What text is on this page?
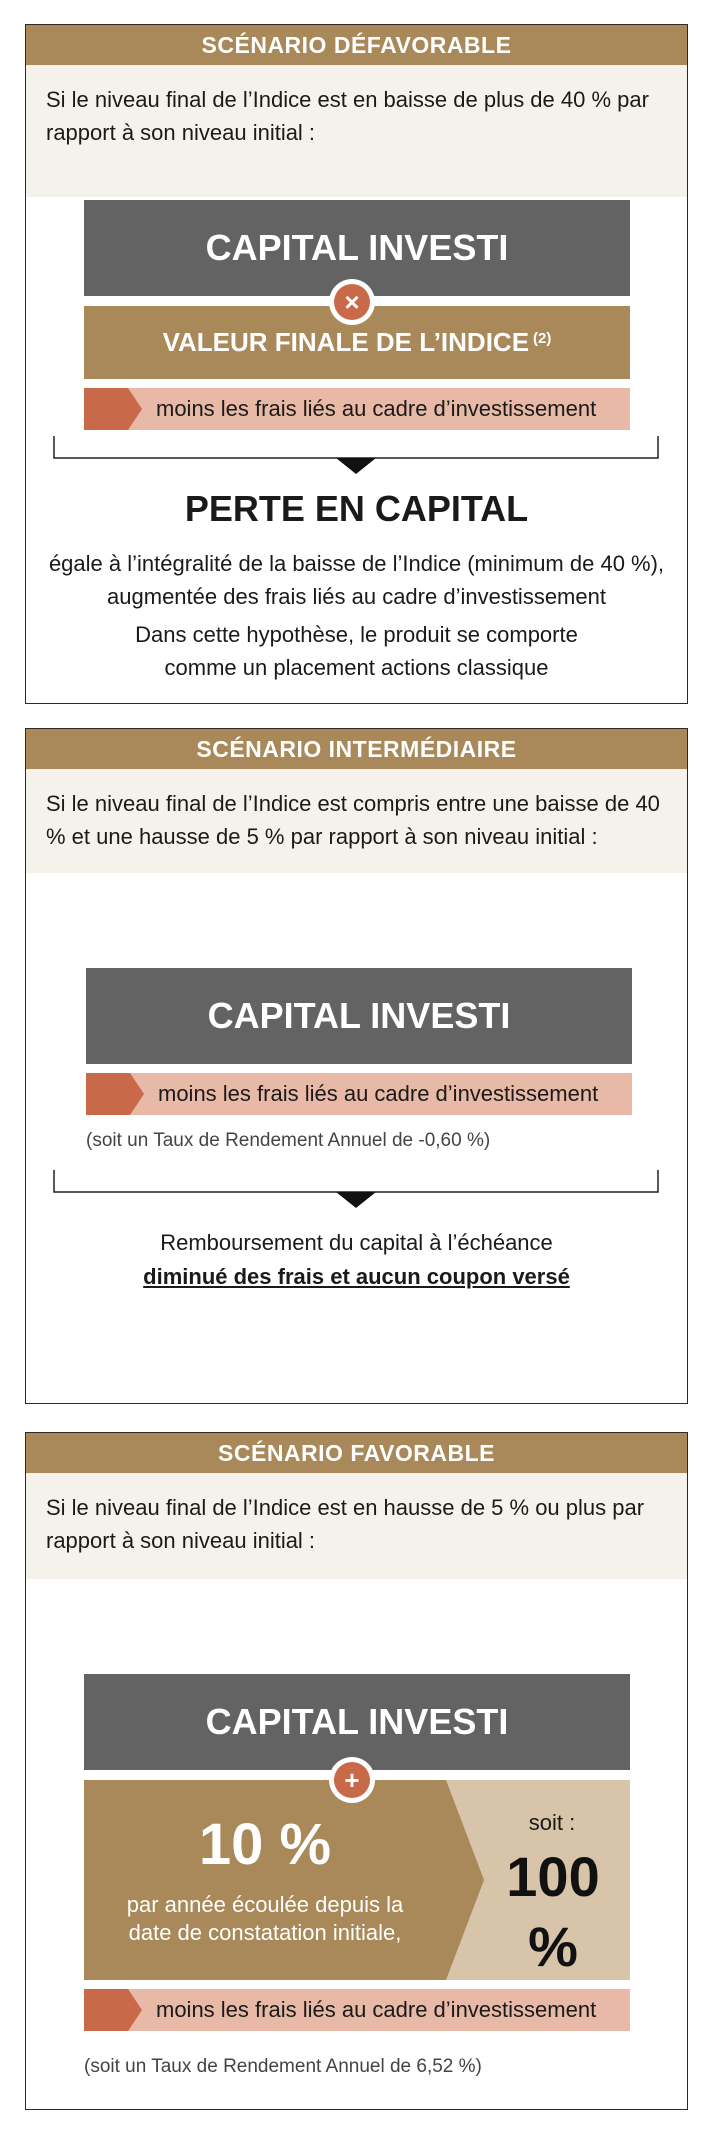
SCÉNARIO DÉFAVORABLE
Si le niveau final de l’Indice est en baisse de plus de 40 % par rapport à son niveau initial :
CAPITAL INVESTI
VALEUR FINALE DE L’INDICE $^{(2)}$
moins les frais liés au cadre d’investissement
×
PERTE EN CAPITAL
égale à l’intégralité de la baisse de l’Indice (minimum de 40 %),
augmentée des frais liés au cadre d’investissement
Dans cette hypothèse, le produit se comporte
comme un placement actions classique
SCÉNARIO INTERMÉDIAIRE
Si le niveau final de l’Indice est compris entre une baisse de 40 % et une hausse de 5 % par rapport à son niveau initial :
CAPITAL INVESTI
moins les frais liés au cadre d’investissement
(soit un Taux de Rendement Annuel de -0,60 %)
Remboursement du capital à l’échéance
diminué des frais et aucun coupon versé
SCÉNARIO FAVORABLE
Si le niveau final de l’Indice est en hausse de 5 % ou plus par rapport à son niveau initial :
CAPITAL INVESTI
10 %
par année écoulée depuis la
date de constatation initiale,
soit :
100 %
moins les frais liés au cadre d’investissement
+
(soit un Taux de Rendement Annuel de 6,52 %)
